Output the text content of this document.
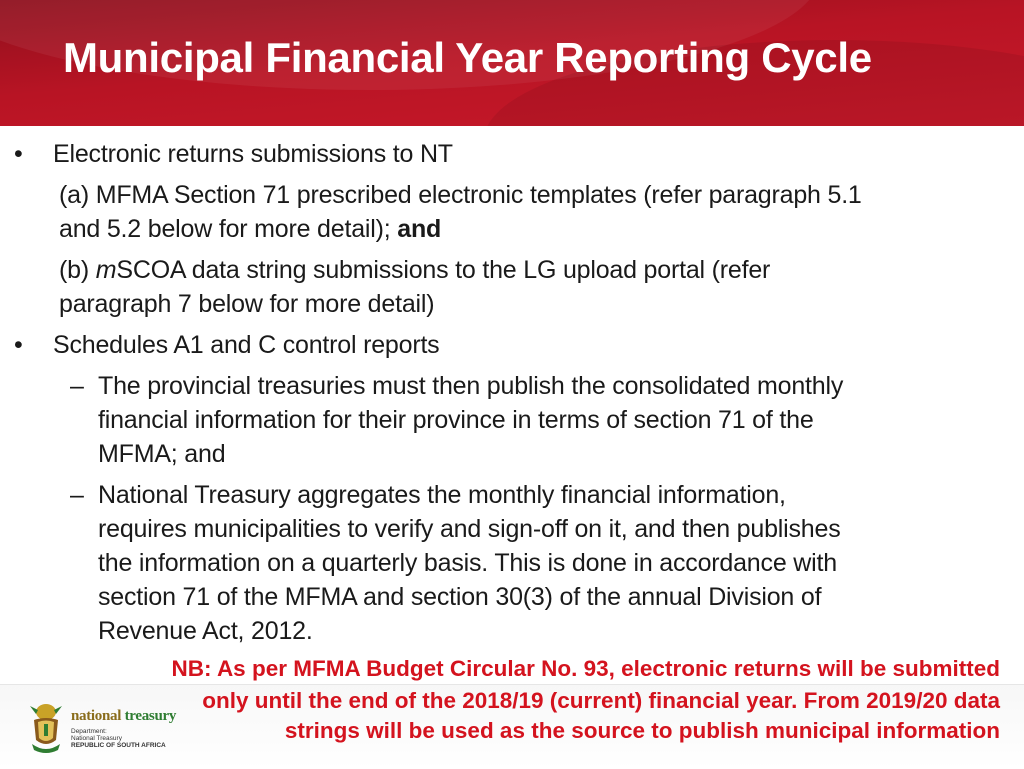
Municipal Financial Year Reporting Cycle
• Electronic returns submissions to NT
(a) MFMA Section 71 prescribed electronic templates (refer paragraph 5.1
and 5.2 below for more detail); and
(b) mSCOA data string submissions to the LG upload portal (refer
paragraph 7 below for more detail)
• Schedules A1 and C control reports
– The provincial treasuries must then publish the consolidated monthly
financial information for their province in terms of section 71 of the
MFMA; and
– National Treasury aggregates the monthly financial information,
requires municipalities to verify and sign-off on it, and then publishes
the information on a quarterly basis. This is done in accordance with
section 71 of the MFMA and section 30(3) of the annual Division of
Revenue Act, 2012.
national treasury
Department:
National Treasury
REPUBLIC OF SOUTH AFRICA
NB: As per MFMA Budget Circular No. 93, electronic returns will be submitted
only until the end of the 2018/19 (current) financial year. From 2019/20 data
strings will be used as the source to publish municipal information
